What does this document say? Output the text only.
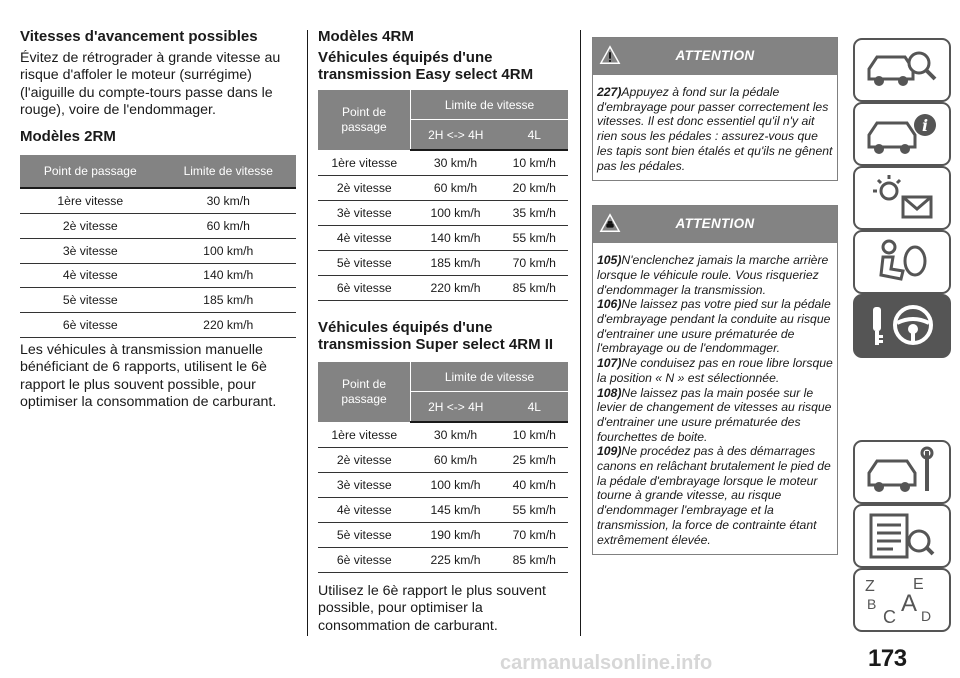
Vitesses d'avancement possibles

Évitez de rétrograder à grande vitesse au risque d'affoler le moteur (surrégime) (l'aiguille du compte-tours passe dans le rouge), voire de l'endommager.

Modèles 2RM
Point de passage	Limite de vitesse
1ère vitesse	30 km/h
2è vitesse	60 km/h
3è vitesse	100 km/h
4è vitesse	140 km/h
5è vitesse	185 km/h
6è vitesse	220 km/h

Les véhicules à transmission manuelle bénéficiant de 6 rapports, utilisent le 6è rapport le plus souvent possible, pour optimiser la consommation de carburant.

Modèles 4RM
Véhicules équipés d'une transmission Easy select 4RM
Point de passage	Limite de vitesse	
	2H <-> 4H	4L
1ère vitesse	30 km/h	10 km/h
2è vitesse	60 km/h	20 km/h
3è vitesse	100 km/h	35 km/h
4è vitesse	140 km/h	55 km/h
5è vitesse	185 km/h	70 km/h
6è vitesse	220 km/h	85 km/h
Véhicules équipés d'une transmission Super select 4RM II
Point de passage	Limite de vitesse	
	2H <-> 4H	4L
1ère vitesse	30 km/h	10 km/h
2è vitesse	60 km/h	25 km/h
3è vitesse	100 km/h	40 km/h
4è vitesse	145 km/h	55 km/h
5è vitesse	190 km/h	70 km/h
6è vitesse	225 km/h	85 km/h

Utilisez le 6è rapport le plus souvent possible, pour optimiser la consommation de carburant.

ATTENTION
227)Appuyez à fond sur la pédale d'embrayage pour passer correctement les vitesses. Il est donc essentiel qu'il n'y ait rien sous les pédales : assurez-vous que les tapis sont bien étalés et qu'ils ne gênent pas les pédales.
ATTENTION
105)N'enclenchez jamais la marche arrière lorsque le véhicule roule. Vous risqueriez d'endommager la transmission.
106)Ne laissez pas votre pied sur la pédale d'embrayage pendant la conduite au risque d'entrainer une usure prématurée de l'embrayage ou de l'endommager.
107)Ne conduisez pas en roue libre lorsque la position « N » est sélectionnée.
108)Ne laissez pas la main posée sur le levier de changement de vitesses au risque d'entrainer une usure prématurée des fourchettes de boite.
109)Ne procédez pas à des démarrages canons en relâchant brutalement le pied de la pédale d'embrayage lorsque le moteur tourne à grande vitesse, au risque d'endommager l'embrayage et la transmission, la force de contrainte étant extrêmement élevée.
i
Z E
B A
C D
carmanualsonline.info	173
